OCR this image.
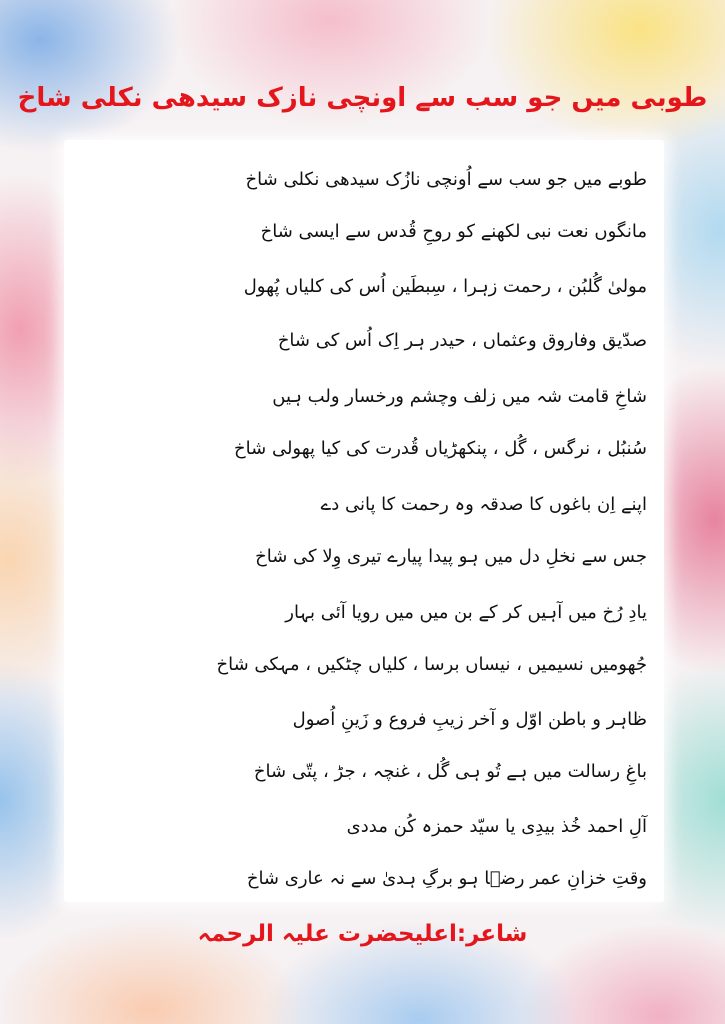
طوبی میں جو سب سے اونچی نازک سیدھی نکلی شاخ
طوبے میں جو سب سے اُونچی نازُک سیدھی نکلی شاخ
مانگوں نعت نبی لکھنے کو روحِ قُدس سے ایسی شاخ
مولیٰ گُلبُن ، رحمت زہرا ، سِبطَین اُس کی کلیاں پُھول
صدّیق وفاروق وعثماں ، حیدر ہر اِک اُس کی شاخ
شاخِ قامت شہ میں زلف وچشم ورخسار ولب ہیں
سُنبُل ، نرگس ، گُل ، پنکھڑیاں قُدرت کی کیا پھولی شاخ
اپنے اِن باغوں کا صدقہ وہ رحمت کا پانی دے
جس سے نخلِ دل میں ہو پیدا پیارے تیری وِلا کی شاخ
یادِ رُخ میں آہیں کر کے بن میں میں رویا آئی بہار
جُھومیں نسیمیں ، نیساں برسا ، کلیاں چٹکیں ، مہکی شاخ
ظاہر و باطن اوّل و آخر زیبِ فروع و زَینِ اُصول
باغِ رسالت میں ہے تُو ہی گُل ، غنچہ ، جڑ ، پتّی شاخ
آلِ احمد خُذ بیدِی یا سیّد حمزہ کُن مددی
وقتِ خزانِ عمر رضؔا ہو برگِ ہدیٰ سے نہ عاری شاخ
شاعر:اعلیحضرت علیہ الرحمہ
